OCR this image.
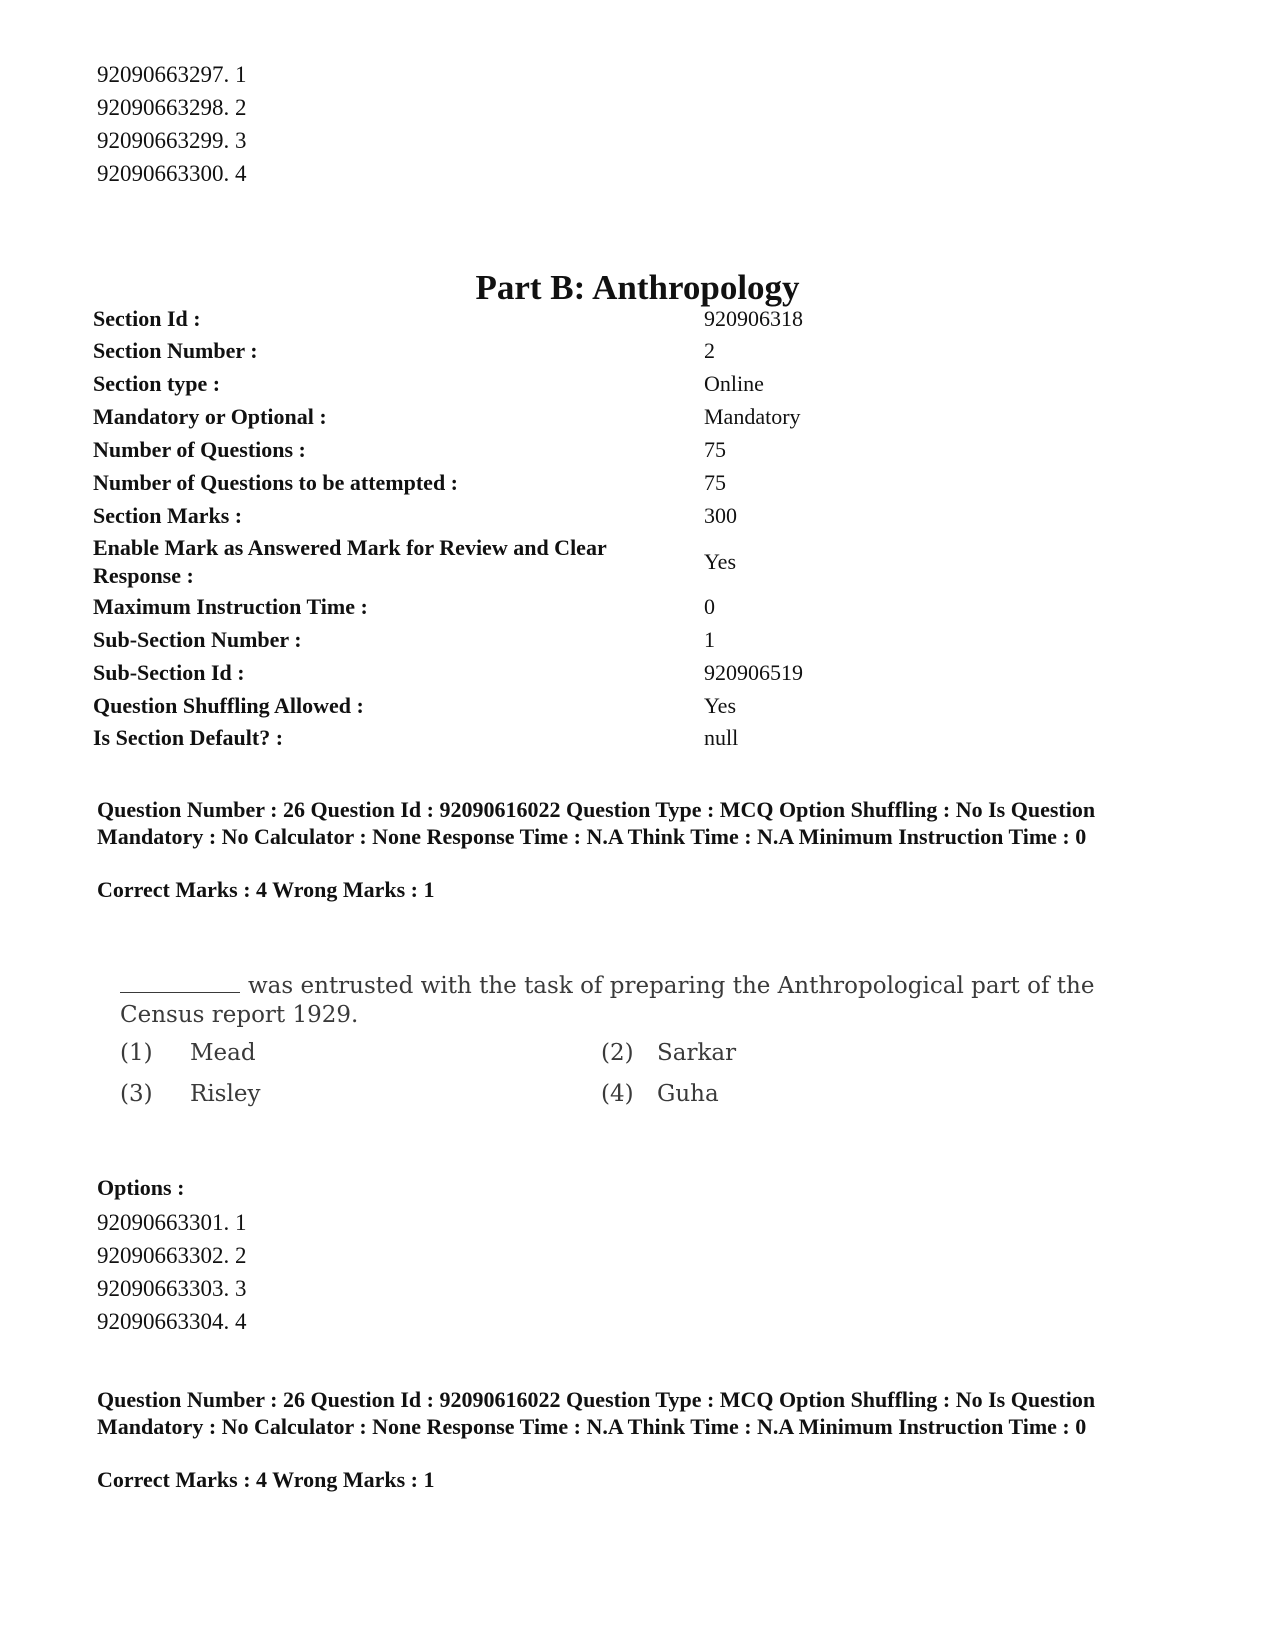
92090663297. 1
92090663298. 2
92090663299. 3
92090663300. 4
Part B: Anthropology
Section Id :	920906318
Section Number :	2
Section type :	Online
Mandatory or Optional :	Mandatory
Number of Questions :	75
Number of Questions to be attempted :	75
Section Marks :	300
Enable Mark as Answered Mark for Review and Clear Response :
Yes
Maximum Instruction Time :	0
Sub-Section Number :	1
Sub-Section Id :	920906519
Question Shuffling Allowed :	Yes
Is Section Default? :	null
Question Number : 26 Question Id : 92090616022 Question Type : MCQ Option Shuffling : No Is Question Mandatory : No Calculator : None Response Time : N.A Think Time : N.A Minimum Instruction Time : 0
Correct Marks : 4 Wrong Marks : 1
was entrusted with the task of preparing the Anthropological part of the Census report 1929.
(1) Mead	(2) Sarkar
(3) Risley	(4) Guha
Options :
92090663301. 1
92090663302. 2
92090663303. 3
92090663304. 4
Question Number : 26 Question Id : 92090616022 Question Type : MCQ Option Shuffling : No Is Question Mandatory : No Calculator : None Response Time : N.A Think Time : N.A Minimum Instruction Time : 0
Correct Marks : 4 Wrong Marks : 1
